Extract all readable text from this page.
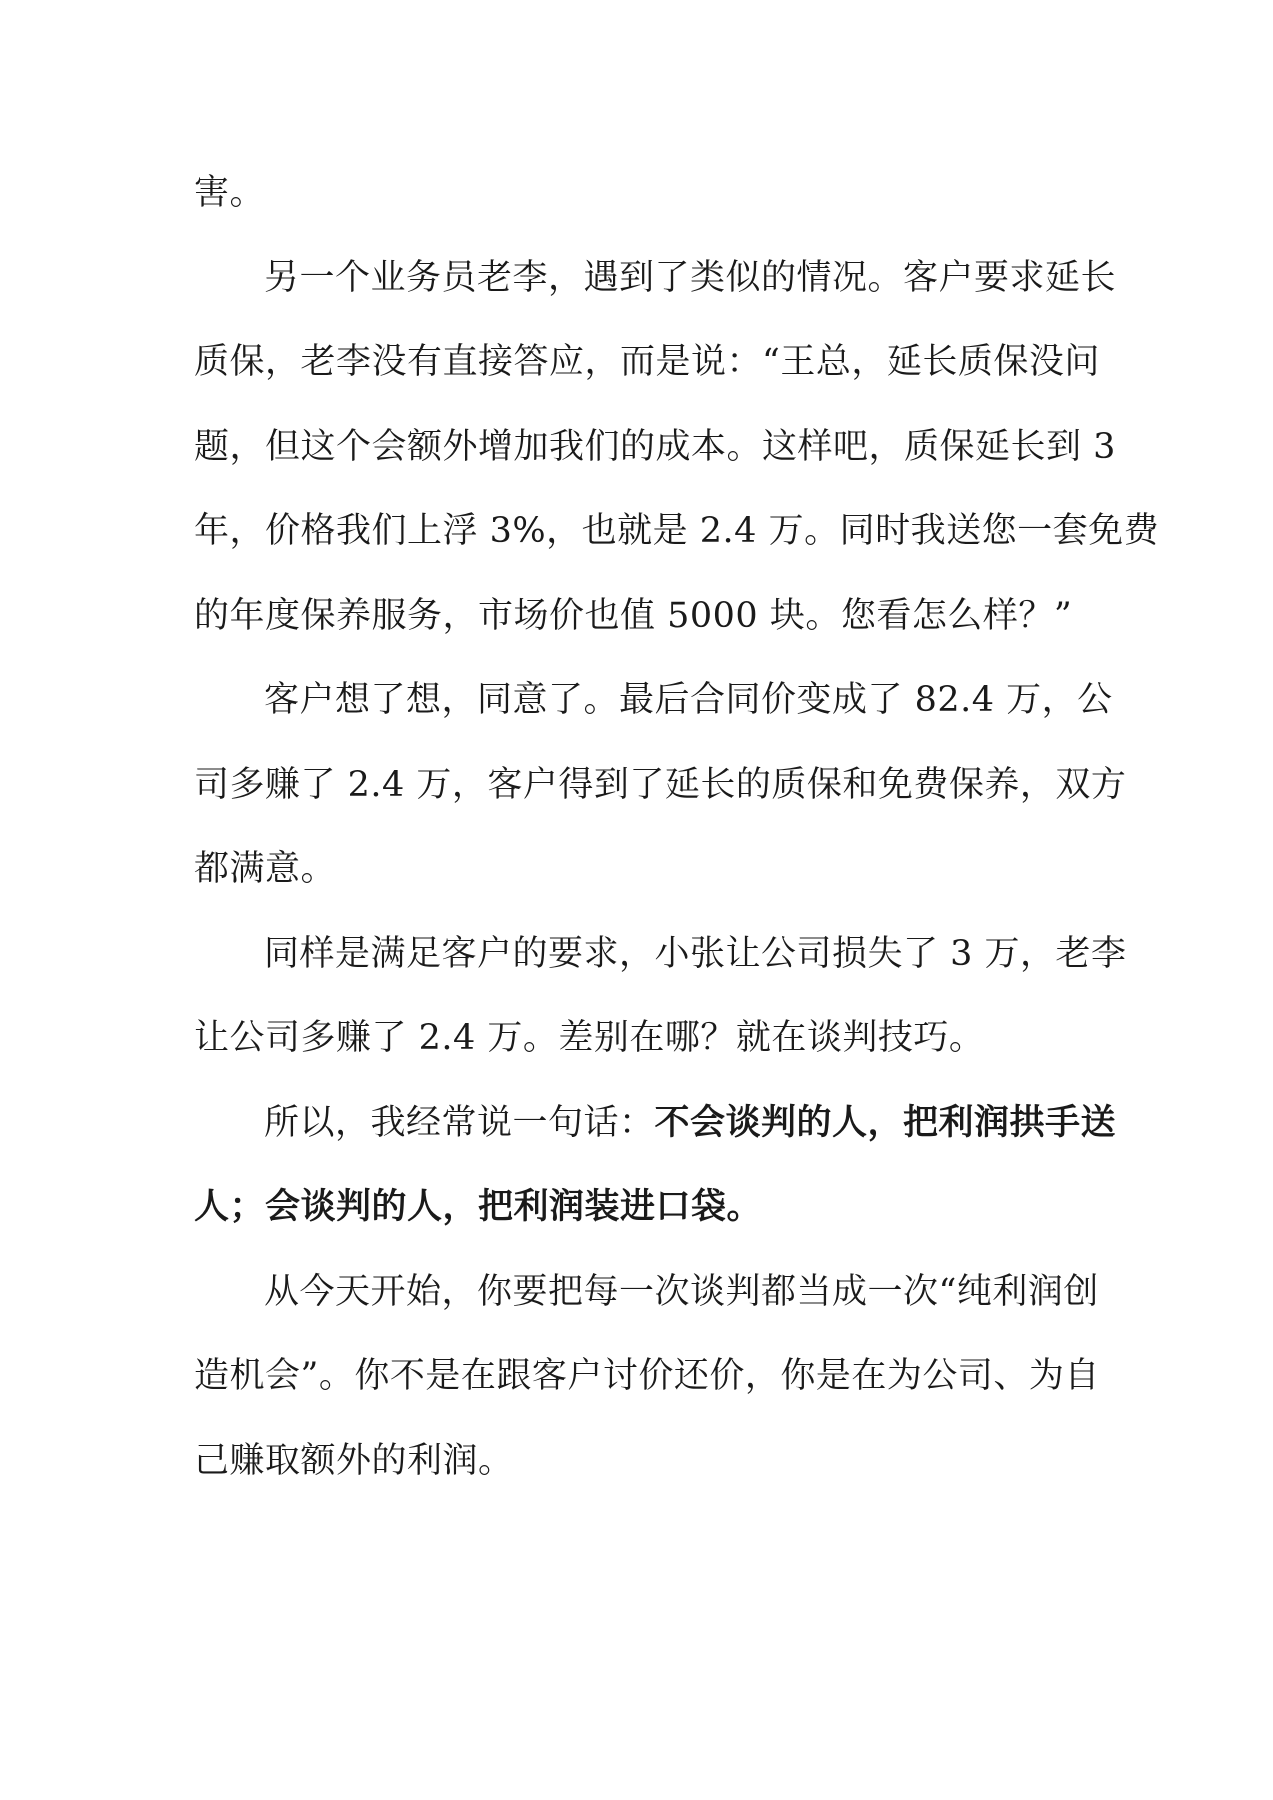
害。
另一个业务员老李，遇到了类似的情况。客户要求延长
质保，老李没有直接答应，而是说：“王总，延长质保没问
题，但这个会额外增加我们的成本。这样吧，质保延长到 3
年，价格我们上浮 3%，也就是 2.4 万。同时我送您一套免费
的年度保养服务，市场价也值 5000 块。您看怎么样？”
客户想了想，同意了。最后合同价变成了 82.4 万，公
司多赚了 2.4 万，客户得到了延长的质保和免费保养，双方
都满意。
同样是满足客户的要求，小张让公司损失了 3 万，老李
让公司多赚了 2.4 万。差别在哪？就在谈判技巧。
所以，我经常说一句话：不会谈判的人，把利润拱手送
人；会谈判的人，把利润装进口袋。
从今天开始，你要把每一次谈判都当成一次“纯利润创
造机会”。你不是在跟客户讨价还价，你是在为公司、为自
己赚取额外的利润。
